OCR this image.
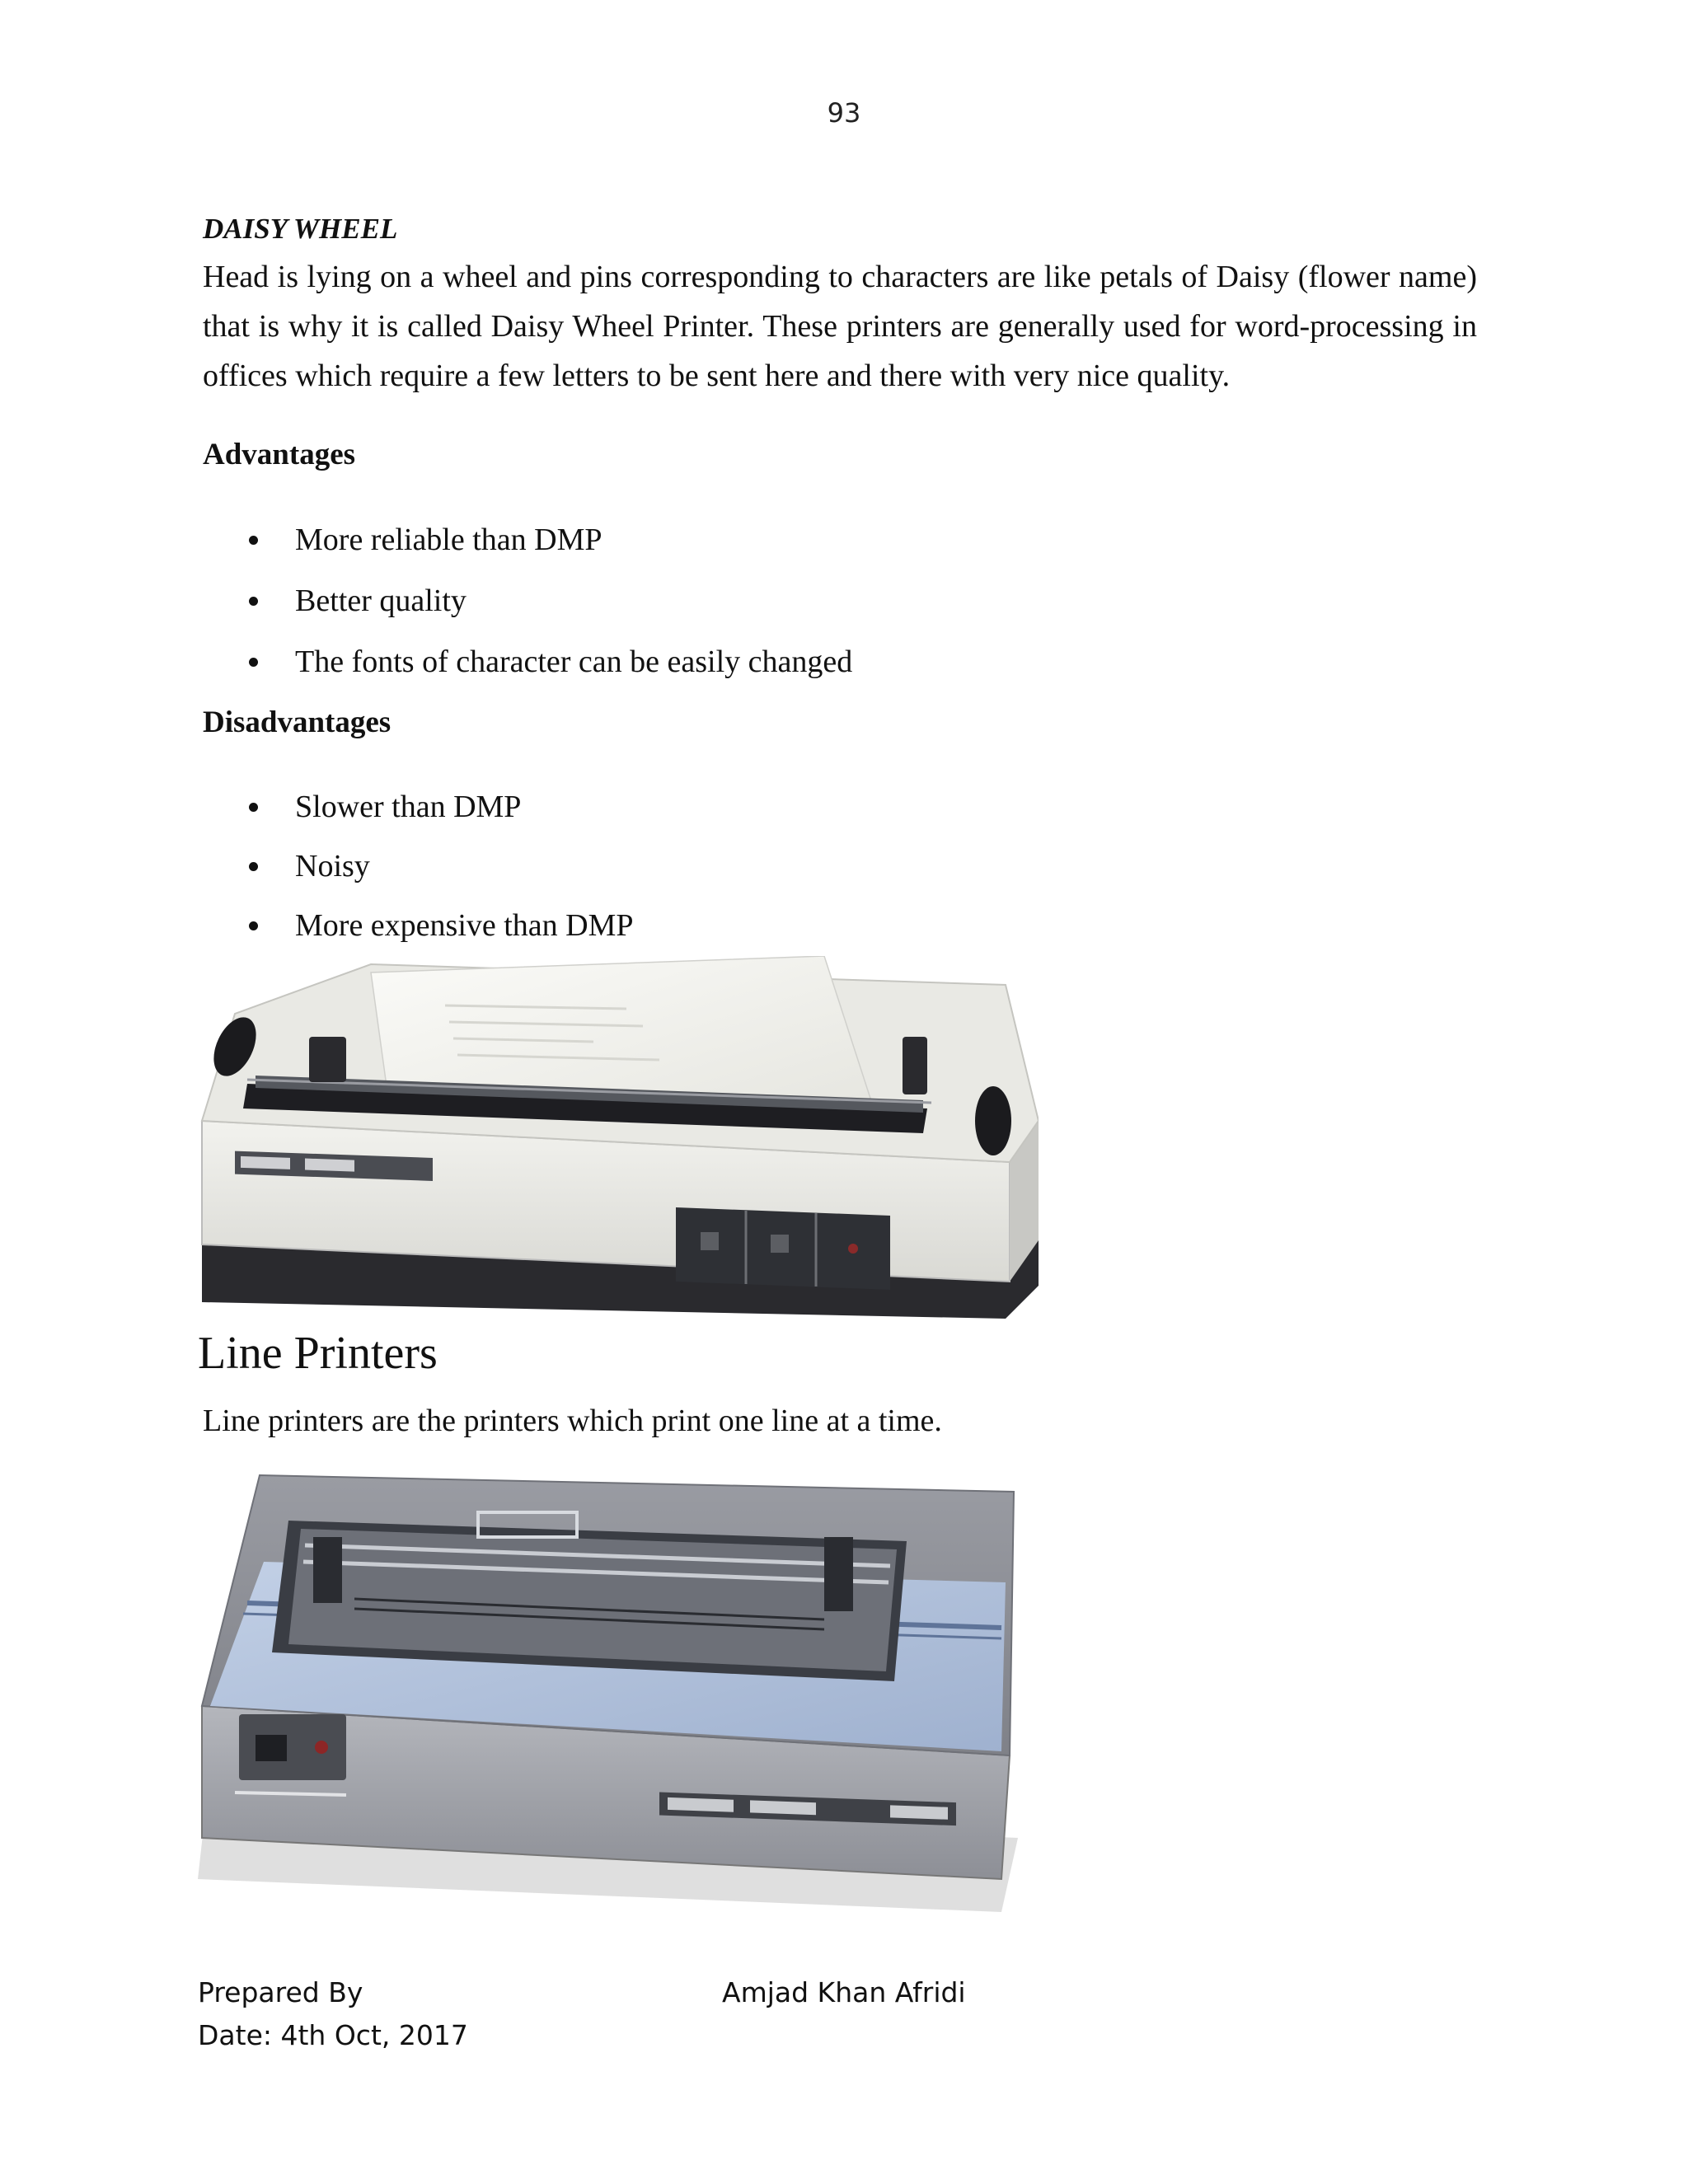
93
DAISY WHEEL
Head is lying on a wheel and pins corresponding to characters are like petals of Daisy (flower name) that is why it is called Daisy Wheel Printer. These printers are generally used for word-processing in offices which require a few letters to be sent here and there with very nice quality.
Advantages
More reliable than DMP
Better quality
The fonts of character can be easily changed
Disadvantages
Slower than DMP
Noisy
More expensive than DMP
Line Printers
Line printers are the printers which print one line at a time.
Prepared By	Amjad Khan Afridi
Date: 4th Oct, 2017
